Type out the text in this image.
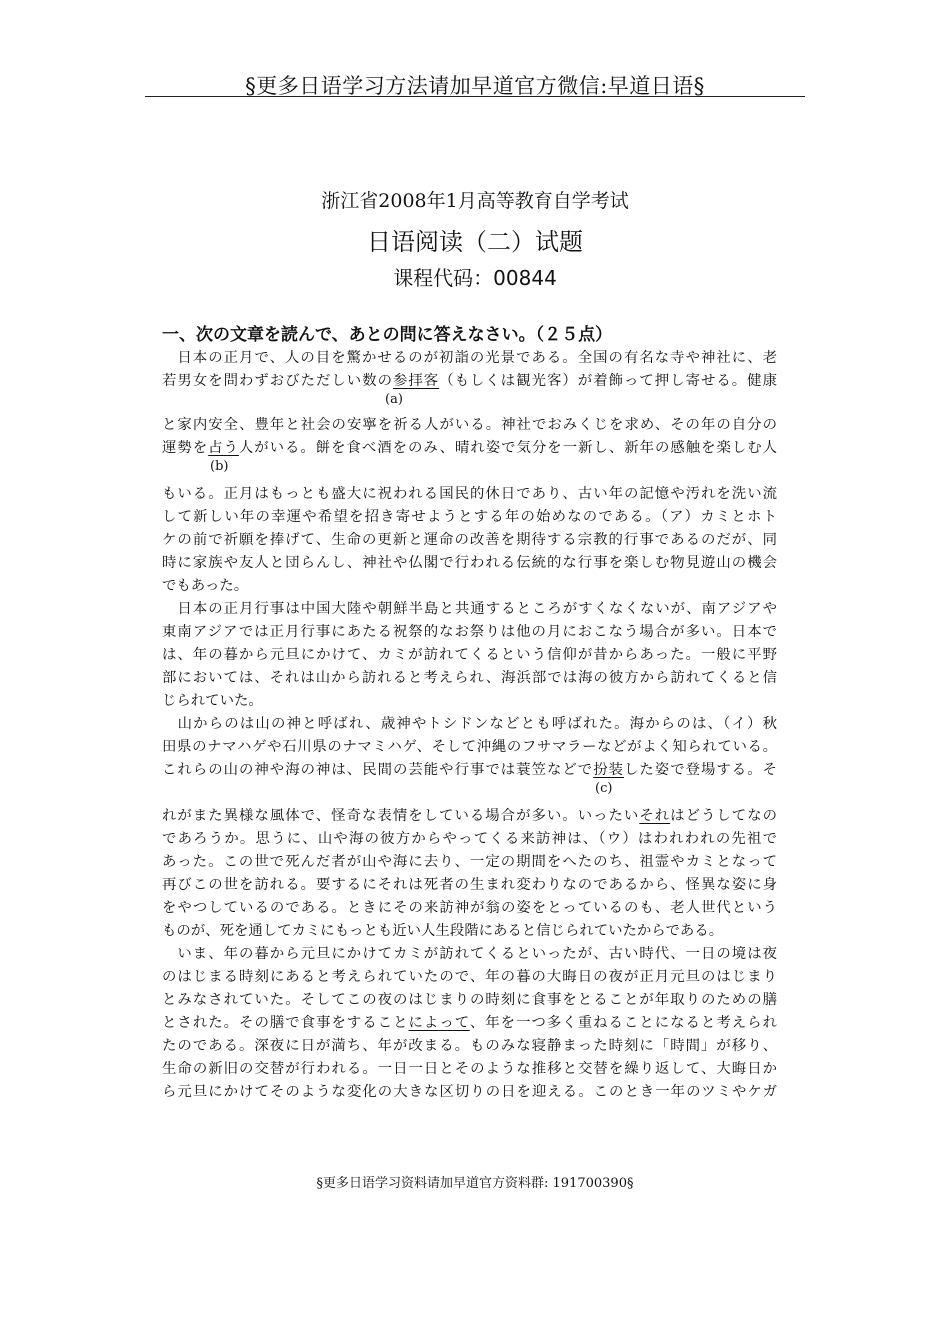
§更多日语学习方法请加早道官方微信:早道日语§
浙江省2008年1月高等教育自学考试
日语阅读（二）试题
课程代码：00844
一、次の文章を読んで、あとの問に答えなさい。（２５点）
　日本の正月で、人の目を驚かせるのが初詣の光景である。全国の有名な寺や神社に、老
若男女を問わずおびただしい数の参拝客（もしくは観光客）が着飾って押し寄せる。健康
(a)
と家内安全、豊年と社会の安寧を祈る人がいる。神社でおみくじを求め、その年の自分の
運勢を占う人がいる。餅を食べ酒をのみ、晴れ姿で気分を一新し、新年の感触を楽しむ人
(b)
もいる。正月はもっとも盛大に祝われる国民的休日であり、古い年の記憶や汚れを洗い流
して新しい年の幸運や希望を招き寄せようとする年の始めなのである。（ア）カミとホト
ケの前で祈願を捧げて、生命の更新と運命の改善を期待する宗教的行事であるのだが、同
時に家族や友人と団らんし、神社や仏閣で行われる伝統的な行事を楽しむ物見遊山の機会
でもあった。
　日本の正月行事は中国大陸や朝鮮半島と共通するところがすくなくないが、南アジアや
東南アジアでは正月行事にあたる祝祭的なお祭りは他の月におこなう場合が多い。日本で
は、年の暮から元旦にかけて、カミが訪れてくるという信仰が昔からあった。一般に平野
部においては、それは山から訪れると考えられ、海浜部では海の彼方から訪れてくると信
じられていた。
　山からのは山の神と呼ばれ、歳神やトシドンなどとも呼ばれた。海からのは、（イ）秋
田県のナマハゲや石川県のナマミハゲ、そして沖縄のフサマラーなどがよく知られている。
これらの山の神や海の神は、民間の芸能や行事では蓑笠などで扮装した姿で登場する。そ
(c)
れがまた異様な風体で、怪奇な表情をしている場合が多い。いったいそれはどうしてなの
であろうか。思うに、山や海の彼方からやってくる来訪神は、（ウ）はわれわれの先祖で
あった。この世で死んだ者が山や海に去り、一定の期間をへたのち、祖霊やカミとなって
再びこの世を訪れる。要するにそれは死者の生まれ変わりなのであるから、怪異な姿に身
をやつしているのである。ときにその来訪神が翁の姿をとっているのも、老人世代という
ものが、死を通してカミにもっとも近い人生段階にあると信じられていたからである。
　いま、年の暮から元旦にかけてカミが訪れてくるといったが、古い時代、一日の境は夜
のはじまる時刻にあると考えられていたので、年の暮の大晦日の夜が正月元旦のはじまり
とみなされていた。そしてこの夜のはじまりの時刻に食事をとることが年取りのための膳
とされた。その膳で食事をすることによって、年を一つ多く重ねることになると考えられ
たのである。深夜に日が満ち、年が改まる。ものみな寝静まった時刻に「時間」が移り、
生命の新旧の交替が行われる。一日一日とそのような推移と交替を繰り返して、大晦日か
ら元旦にかけてそのような変化の大きな区切りの日を迎える。このとき一年のツミやケガ
§更多日语学习资料请加早道官方资料群: 191700390§
